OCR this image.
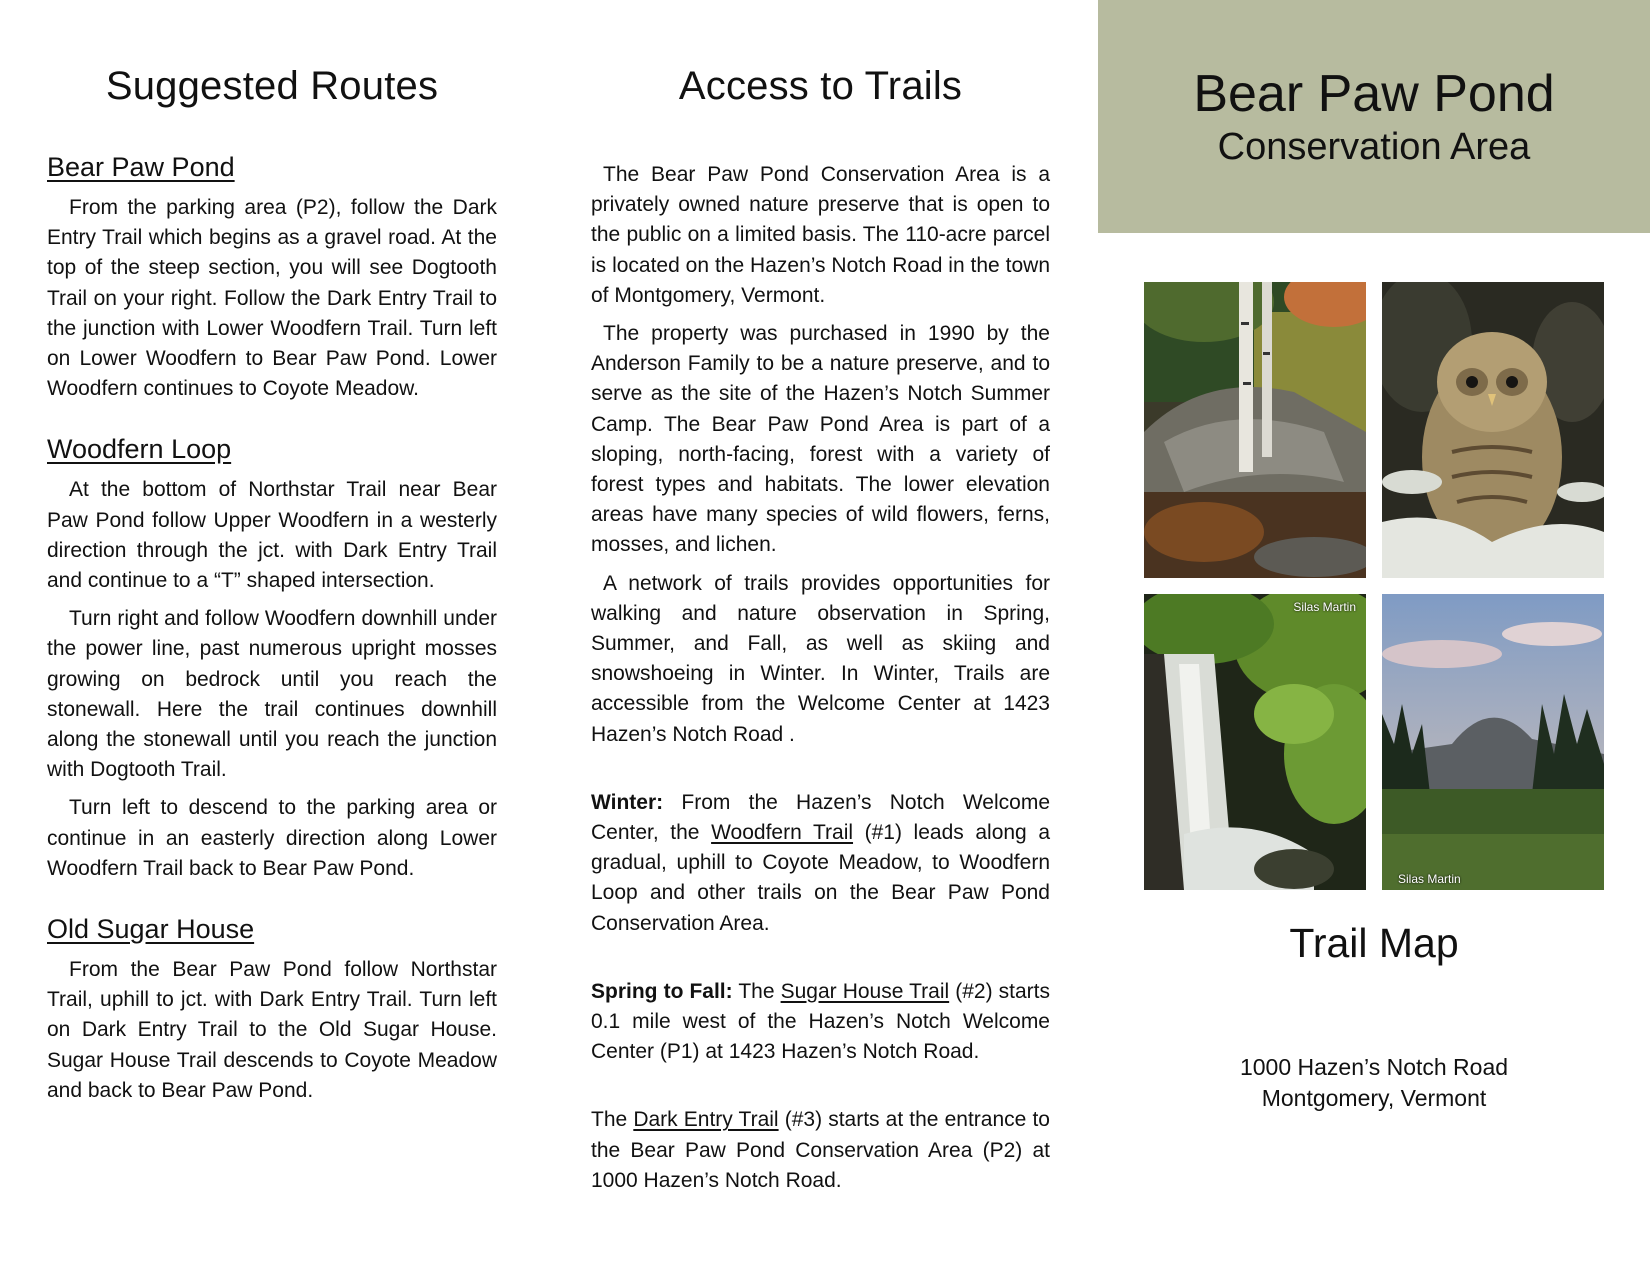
Suggested Routes
Bear Paw Pond

From the parking area (P2), follow the Dark Entry Trail which begins as a gravel road. At the top of the steep section, you will see Dogtooth Trail on your right. Follow the Dark Entry Trail to the junction with Lower Woodfern Trail. Turn left on Lower Woodfern to Bear Paw Pond. Lower Woodfern continues to Coyote Meadow.

Woodfern Loop

At the bottom of Northstar Trail near Bear Paw Pond follow Upper Woodfern in a westerly direction through the jct. with Dark Entry Trail and continue to a “T” shaped intersection.

Turn right and follow Woodfern downhill under the power line, past numerous upright mosses growing on bedrock until you reach the stonewall. Here the trail continues downhill along the stonewall until you reach the junction with Dogtooth Trail.

Turn left to descend to the parking area or continue in an easterly direction along Lower Woodfern Trail back to Bear Paw Pond.

Old Sugar House

From the Bear Paw Pond follow Northstar Trail, uphill to jct. with Dark Entry Trail. Turn left on Dark Entry Trail to the Old Sugar House. Sugar House Trail descends to Coyote Meadow and back to Bear Paw Pond.

Access to Trails

The Bear Paw Pond Conservation Area is a privately owned nature preserve that is open to the public on a limited basis. The 110-acre parcel is located on the Hazen’s Notch Road in the town of Montgomery, Vermont.

The property was purchased in 1990 by the Anderson Family to be a nature preserve, and to serve as the site of the Hazen’s Notch Summer Camp. The Bear Paw Pond Area is part of a sloping, north-facing, forest with a variety of forest types and habitats. The lower elevation areas have many species of wild flowers, ferns, mosses, and lichen.

A network of trails provides opportunities for walking and nature observation in Spring, Summer, and Fall, as well as skiing and snowshoeing in Winter. In Winter, Trails are accessible from the Welcome Center at 1423 Hazen’s Notch Road .

Winter: From the Hazen’s Notch Welcome Center, the Woodfern Trail (#1) leads along a gradual, uphill to Coyote Meadow, to Woodfern Loop and other trails on the Bear Paw Pond Conservation Area.

Spring to Fall: The Sugar House Trail (#2) starts 0.1 mile west of the Hazen’s Notch Welcome Center (P1) at 1423 Hazen’s Notch Road.

The Dark Entry Trail (#3) starts at the entrance to the Bear Paw Pond Conservation Area (P2) at 1000 Hazen’s Notch Road.

Bear Paw Pond
Conservation Area
Silas Martin
Silas Martin
Trail Map
1000 Hazen’s Notch Road
Montgomery, Vermont
